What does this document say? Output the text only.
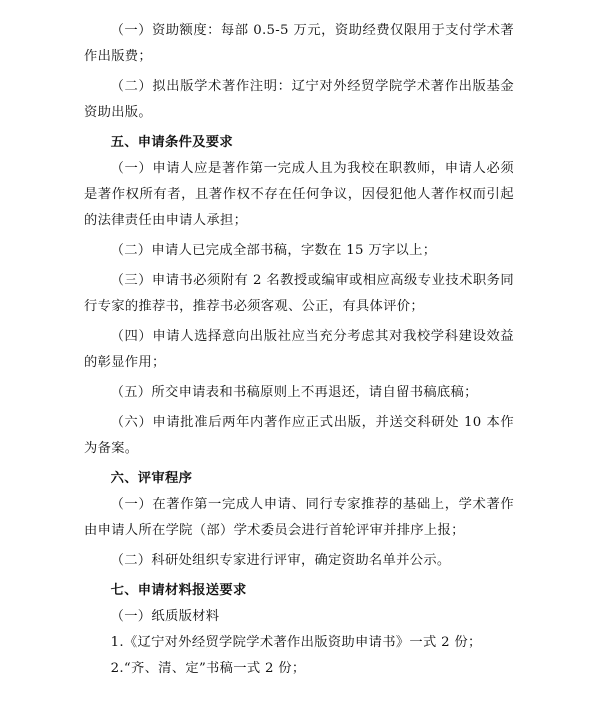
（一）资助额度：每部 0.5-5 万元，资助经费仅限用于支付学术著作出版费；

（二）拟出版学术著作注明：辽宁对外经贸学院学术著作出版基金资助出版。

五、申请条件及要求

（一）申请人应是著作第一完成人且为我校在职教师，申请人必须是著作权所有者，且著作权不存在任何争议，因侵犯他人著作权而引起的法律责任由申请人承担；

（二）申请人已完成全部书稿，字数在 15 万字以上；

（三）申请书必须附有 2 名教授或编审或相应高级专业技术职务同行专家的推荐书，推荐书必须客观、公正，有具体评价；

（四）申请人选择意向出版社应当充分考虑其对我校学科建设效益的彰显作用；

（五）所交申请表和书稿原则上不再退还，请自留书稿底稿；

（六）申请批准后两年内著作应正式出版，并送交科研处 10 本作为备案。

六、评审程序

（一）在著作第一完成人申请、同行专家推荐的基础上，学术著作由申请人所在学院（部）学术委员会进行首轮评审并排序上报；

（二）科研处组织专家进行评审，确定资助名单并公示。

七、申请材料报送要求

（一）纸质版材料

1.《辽宁对外经贸学院学术著作出版资助申请书》一式 2 份；

2.“齐、清、定”书稿一式 2 份；
